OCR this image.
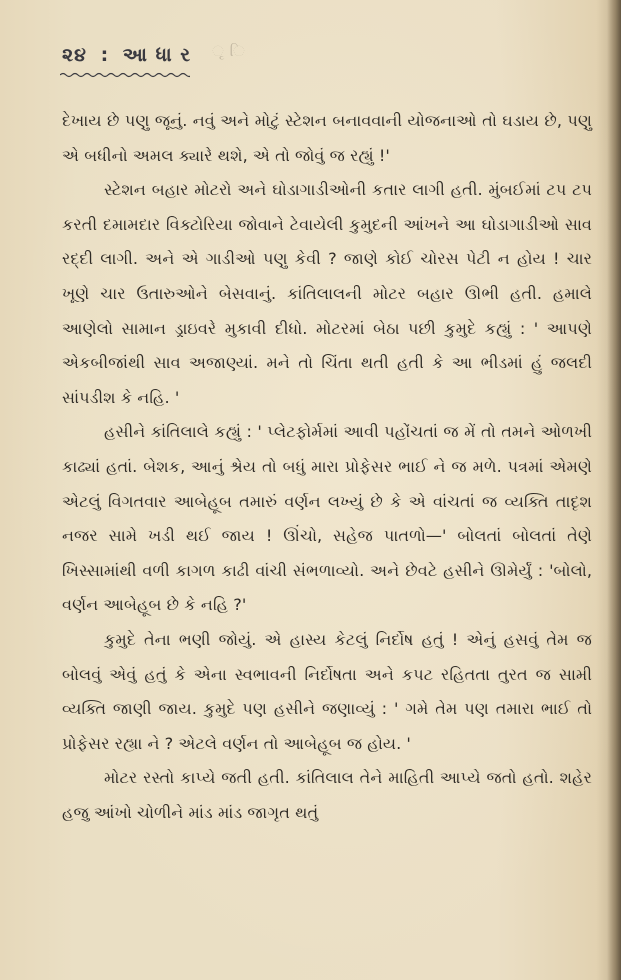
૨૪ : આ ધા ર ૃ િ

દેખાય છે પણુ જૂનું. નવું અને મોટું સ્ટેશન બનાવવાની યોજનાઓ તો ઘડાય છે, પણુ એ બધીનો અમલ ક્યારે થશે, એ તો જોવું જ રહ્યું !'

સ્ટેશન બહાર મોટરો અને ઘોડાગાડીઓની કતાર લાગી હતી. મુંબઈમાં ટપ ટપ કરતી દમામદાર વિક્ટોરિયા જોવાને ટેવાયેલી કુમુદની આંખને આ ઘોડાગાડીઓ સાવ રદ્દી લાગી. અને એ ગાડીઓ પણુ કેવી ? જાણે કોઈ ચોરસ પેટી ન હોય ! ચાર ખૂણે ચાર ઉતારુઓને બેસવાનું. કાંતિલાલની મોટર બહાર ઊભી હતી. હમાલે આણેલો સામાન ડ્રાઇવરે મુકાવી દીધો. મોટરમાં બેઠા પછી કુમુદે કહ્યું : ' આપણે એકબીજાંથી સાવ અજાણ્યાં. મને તો ચિંતા થતી હતી કે આ ભીડમાં હું જલદી સાંપડીશ કે નહિ. '

હસીને કાંતિલાલે કહ્યું : ' પ્લેટફોર્મમાં આવી પહોંચતાં જ મેં તો તમને ઓળખી કાઢ્યાં હતાં. બેશક, આનું શ્રેય તો બધું મારા પ્રોફેસર ભાઈ ને જ મળે. પત્રમાં એમણે એટલું વિગતવાર આબેહૂબ તમારું વર્ણન લખ્યું છે કે એ વાંચતાં જ વ્યક્તિ તાદૃશ નજર સામે ખડી થઈ જાય ! ઊંચો, સહેજ પાતળો—' બોલતાં બોલતાં તેણે ખિસ્સામાંથી વળી કાગળ કાઢી વાંચી સંભળાવ્યો. અને છેવટે હસીને ઊમેર્યું : 'બોલો, વર્ણન આબેહૂબ છે કે નહિ ?'

કુમુદે તેના ભણી જોયું. એ હાસ્ય કેટલું નિર્દોષ હતું ! એનું હસવું તેમ જ બોલવું એવું હતું કે એના સ્વભાવની નિર્દોષતા અને કપટ રહિતતા તુરત જ સામી વ્યક્તિ જાણી જાય. કુમુદે પણ હસીને જણાવ્યું : ' ગમે તેમ પણ તમારા ભાઈ તો પ્રોફેસર રહ્યા ને ? એટલે વર્ણન તો આબેહૂબ જ હોય. '

મોટર રસ્તો કાપ્યે જતી હતી. કાંતિલાલ તેને માહિતી આપ્યે જતો હતો. શહેર હજુ આંખો ચોળીને માંડ માંડ જાગૃત થતું
